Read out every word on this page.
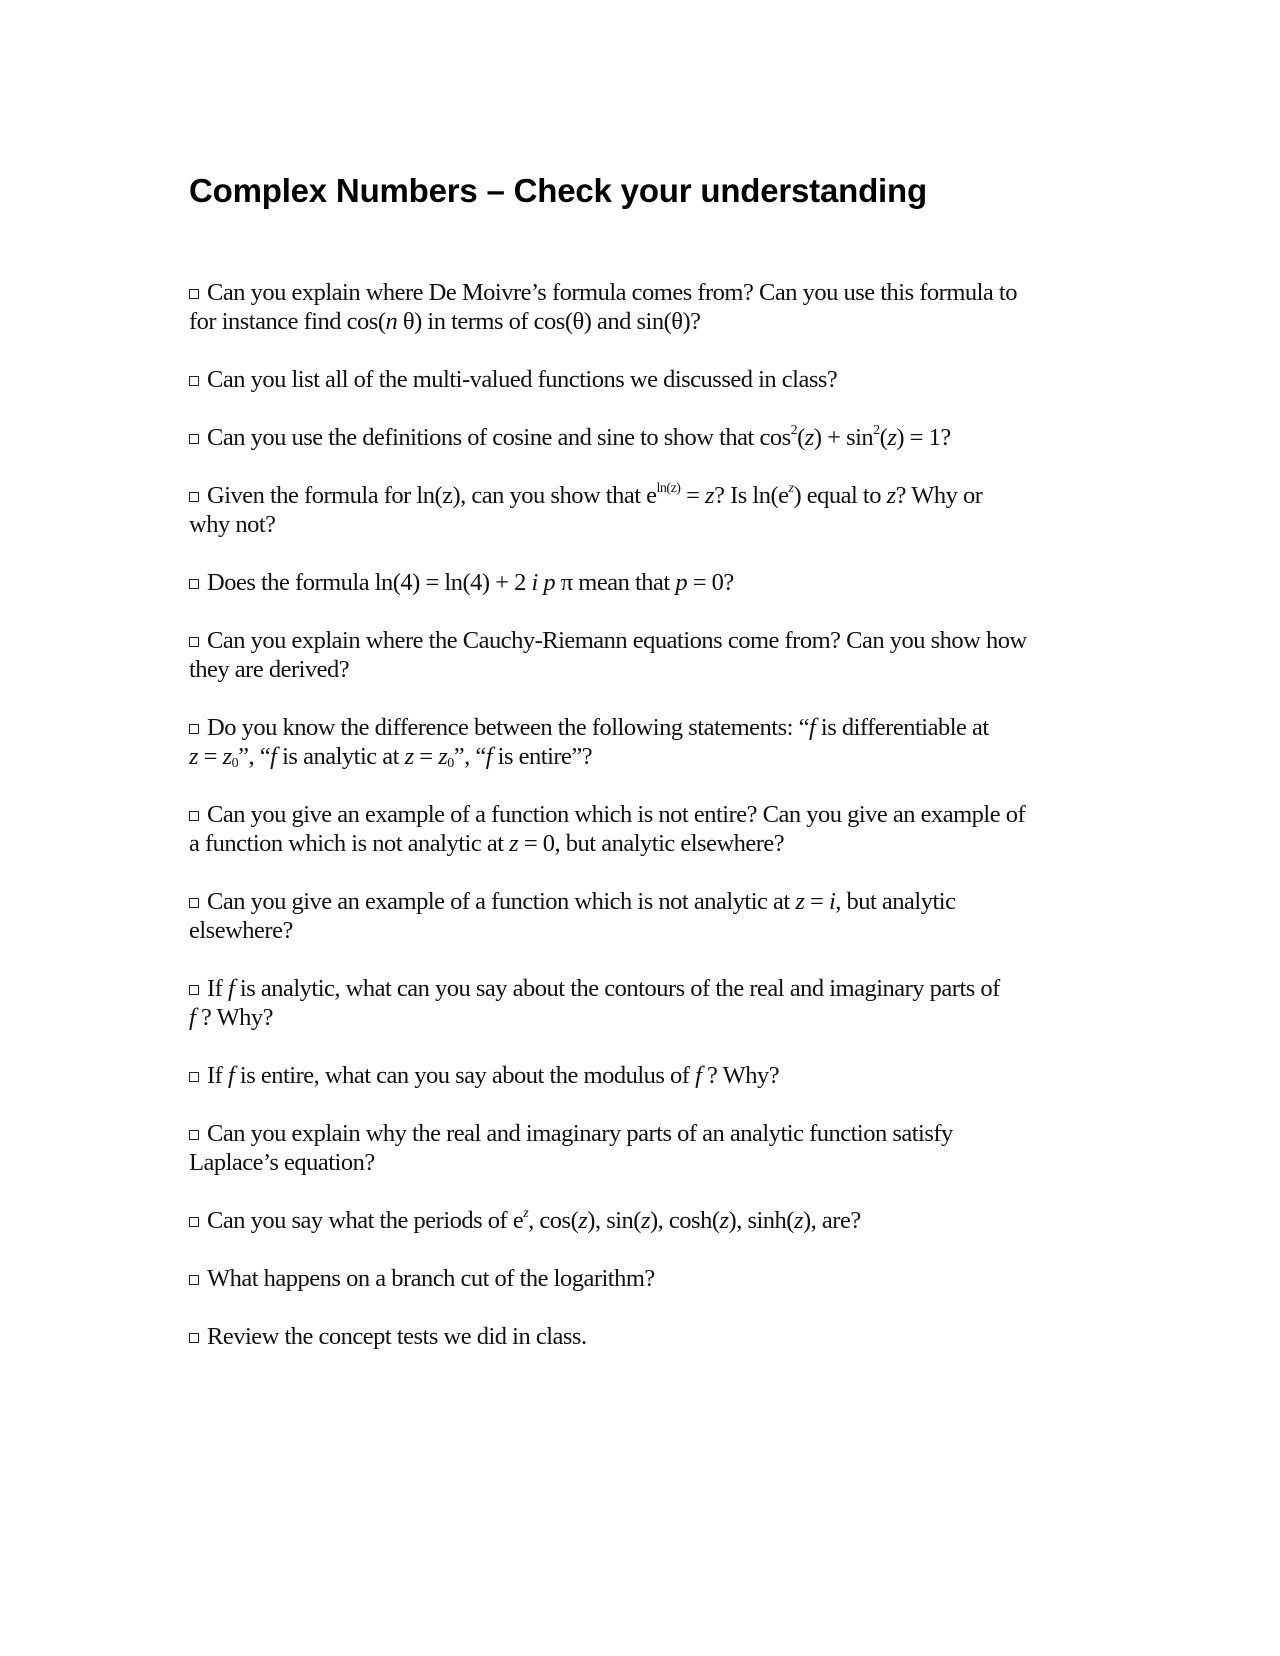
Complex Numbers – Check your understanding

Can you explain where De Moivre’s formula comes from? Can you use this formula to
for instance find cos(n θ) in terms of cos(θ) and sin(θ)?

Can you list all of the multi-valued functions we discussed in class?

Can you use the definitions of cosine and sine to show that $\cos^2(z) + \sin^2(z) = 1$?

Given the formula for ln(z), can you show that $e^{ln(z)} = z$? Is $\ln(e^z)$ equal to z? Why or
why not?

Does the formula ln(4) = ln(4) + 2 i p π mean that p = 0?

Can you explain where the Cauchy-Riemann equations come from? Can you show how
they are derived?

Do you know the difference between the following statements: “f is differentiable at
$z = z_0$”, “f is analytic at $z = z_0$”, “f is entire”?

Can you give an example of a function which is not entire? Can you give an example of
a function which is not analytic at z = 0, but analytic elsewhere?

Can you give an example of a function which is not analytic at z = i, but analytic
elsewhere?

If f is analytic, what can you say about the contours of the real and imaginary parts of
f ? Why?

If f is entire, what can you say about the modulus of f ? Why?

Can you explain why the real and imaginary parts of an analytic function satisfy
Laplace’s equation?

Can you say what the periods of $e^z$, cos(z), sin(z), cosh(z), sinh(z), are?

What happens on a branch cut of the logarithm?

Review the concept tests we did in class.
